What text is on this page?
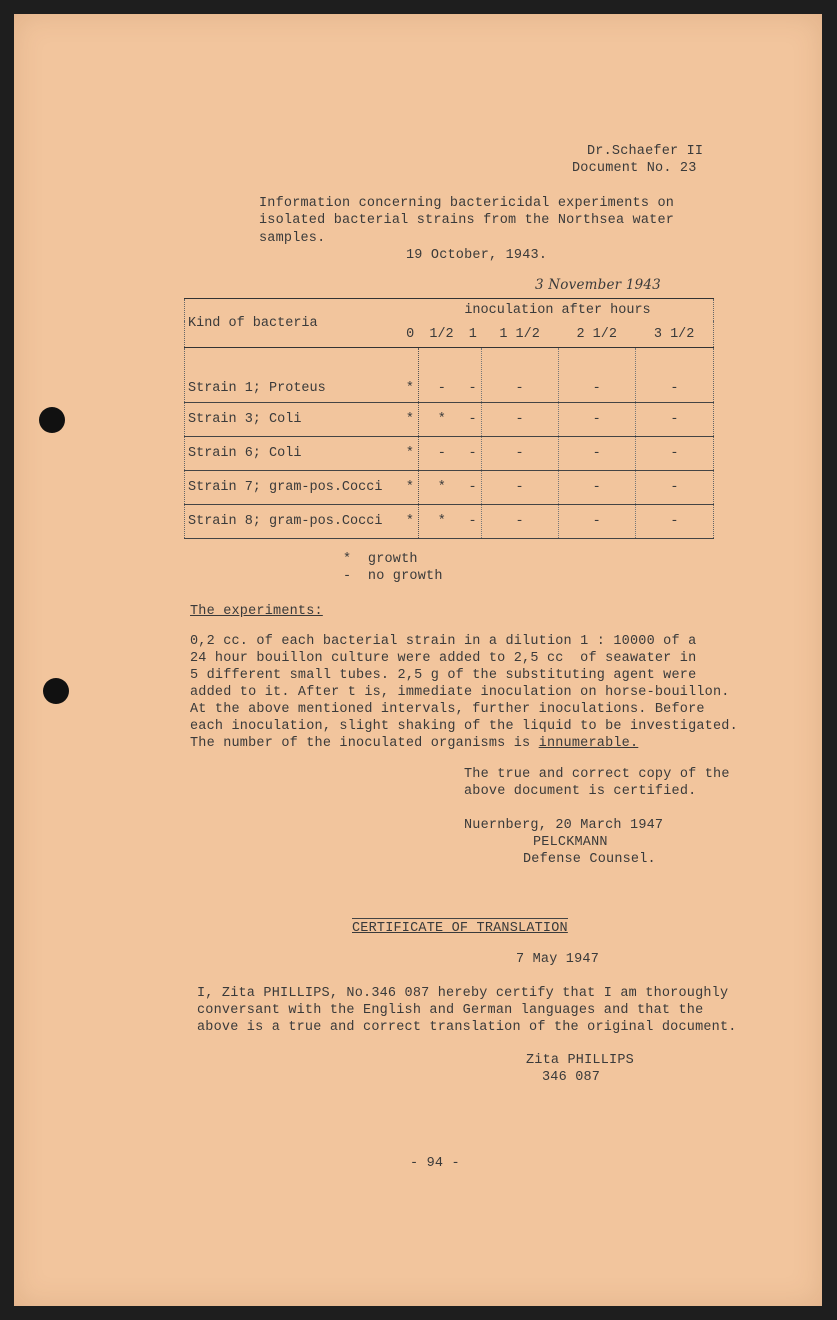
Dr.Schaefer II
Document No. 23
Information concerning bactericidal experiments on
isolated bacterial strains from the Northsea water
samples.
19 October, 1943.
3 November 1943
Kind of bacteria	inoculation after hours					
	0	1/2	1	1 1/2	2 1/2	3 1/2
Strain 1; Proteus	*	-	-	-	-	-
Strain 3; Coli	*	*	-	-	-	-
Strain 6; Coli	*	-	-	-	-	-
Strain 7; gram-pos.Cocci	*	*	-	-	-	-
Strain 8; gram-pos.Cocci	*	*	-	-	-	-
*  growth
-  no growth
The experiments:
0,2 cc. of each bacterial strain in a dilution 1 : 10000 of a
24 hour bouillon culture were added to 2,5 cc  of seawater in
5 different small tubes. 2,5 g of the substituting agent were
added to it. After t is, immediate inoculation on horse-bouillon.
At the above mentioned intervals, further inoculations. Before
each inoculation, slight shaking of the liquid to be investigated.
The number of the inoculated organisms is innumerable.
The true and correct copy of the
above document is certified.
Nuernberg, 20 March 1947
PELCKMANN
Defense Counsel.
CERTIFICATE OF TRANSLATION
7 May 1947
I, Zita PHILLIPS, No.346 087 hereby certify that I am thoroughly
conversant with the English and German languages and that the
above is a true and correct translation of the original document.
Zita PHILLIPS
346 087
- 94 -
